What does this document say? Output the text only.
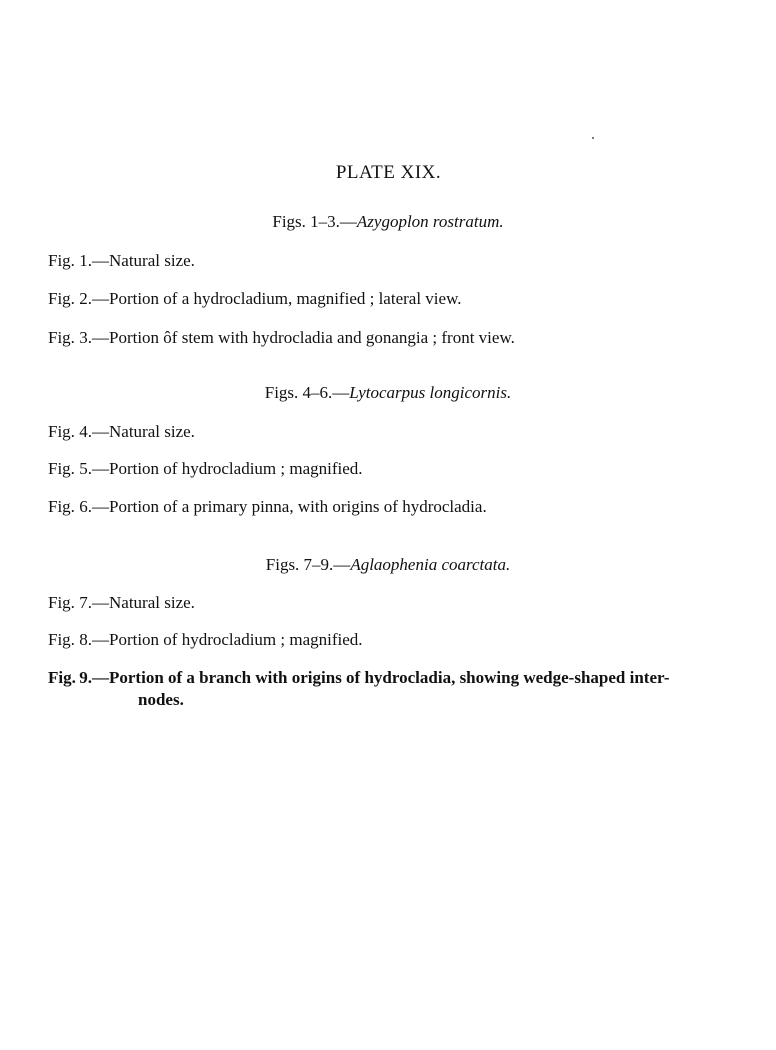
PLATE XIX.
Figs. 1–3.—Azygoplon rostratum.
Fig. 1.—Natural size.
Fig. 2.—Portion of a hydrocladium, magnified ; lateral view.
Fig. 3.—Portion ôf stem with hydrocladia and gonangia ; front view.
Figs. 4–6.—Lytocarpus longicornis.
Fig. 4.—Natural size.
Fig. 5.—Portion of hydrocladium ; magnified.
Fig. 6.—Portion of a primary pinna, with origins of hydrocladia.
Figs. 7–9.—Aglaophenia coarctata.
Fig. 7.—Natural size.
Fig. 8.—Portion of hydrocladium ; magnified.
Fig. 9.—Portion of a branch with origins of hydrocladia, showing wedge-shaped inter-
nodes.
